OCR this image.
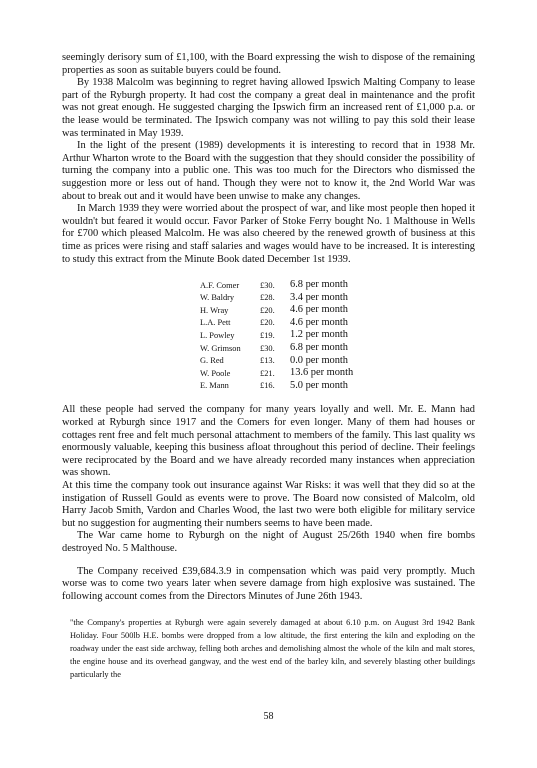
seemingly derisory sum of £1,100, with the Board expressing the wish to dispose of the remaining properties as soon as suitable buyers could be found.

By 1938 Malcolm was beginning to regret having allowed Ipswich Malting Company to lease part of the Ryburgh property. It had cost the company a great deal in maintenance and the profit was not great enough. He suggested charging the Ipswich firm an increased rent of £1,000 p.a. or the lease would be terminated. The Ipswich company was not willing to pay this sold their lease was terminated in May 1939.

In the light of the present (1989) developments it is interesting to record that in 1938 Mr. Arthur Wharton wrote to the Board with the suggestion that they should consider the possibility of turning the company into a public one. This was too much for the Directors who dismissed the suggestion more or less out of hand. Though they were not to know it, the 2nd World War was about to break out and it would have been unwise to make any changes.

In March 1939 they were worried about the prospect of war, and like most people then hoped it wouldn't but feared it would occur. Favor Parker of Stoke Ferry bought No. 1 Malthouse in Wells for £700 which pleased Malcolm. He was also cheered by the renewed growth of business at this time as prices were rising and staff salaries and wages would have to be increased. It is interesting to study this extract from the Minute Book dated December 1st 1939.

A.F. Comer	£30.	6.8 per month
W. Baldry	£28.	3.4 per month
H. Wray	£20.	4.6 per month
L.A. Pett	£20.	4.6 per month
L. Powley	£19.	1.2 per month
W. Grimson	£30.	6.8 per month
G. Red	£13.	0.0 per month
W. Poole	£21.	13.6 per month
E. Mann	£16.	5.0 per month

All these people had served the company for many years loyally and well. Mr. E. Mann had worked at Ryburgh since 1917 and the Comers for even longer. Many of them had houses or cottages rent free and felt much personal attachment to members of the family. This last quality ws enormously valuable, keeping this business afloat throughout this period of decline. Their feelings were reciprocated by the Board and we have already recorded many instances when appreciation was shown.

At this time the company took out insurance against War Risks: it was well that they did so at the instigation of Russell Gould as events were to prove. The Board now consisted of Malcolm, old Harry Jacob Smith, Vardon and Charles Wood, the last two were both eligible for military service but no suggestion for augmenting their numbers seems to have been made.

The War came home to Ryburgh on the night of August 25/26th 1940 when fire bombs destroyed No. 5 Malthouse.

The Company received £39,684.3.9 in compensation which was paid very promptly. Much worse was to come two years later when severe damage from high explosive was sustained. The following account comes from the Directors Minutes of June 26th 1943.

"the Company's properties at Ryburgh were again severely damaged at about 6.10 p.m. on August 3rd 1942 Bank Holiday. Four 500lb H.E. bombs were dropped from a low altitude, the first entering the kiln and exploding on the roadway under the east side archway, felling both arches and demolishing almost the whole of the kiln and malt stores, the engine house and its overhead gangway, and the west end of the barley kiln, and severely blasting other buildings particularly the

58
